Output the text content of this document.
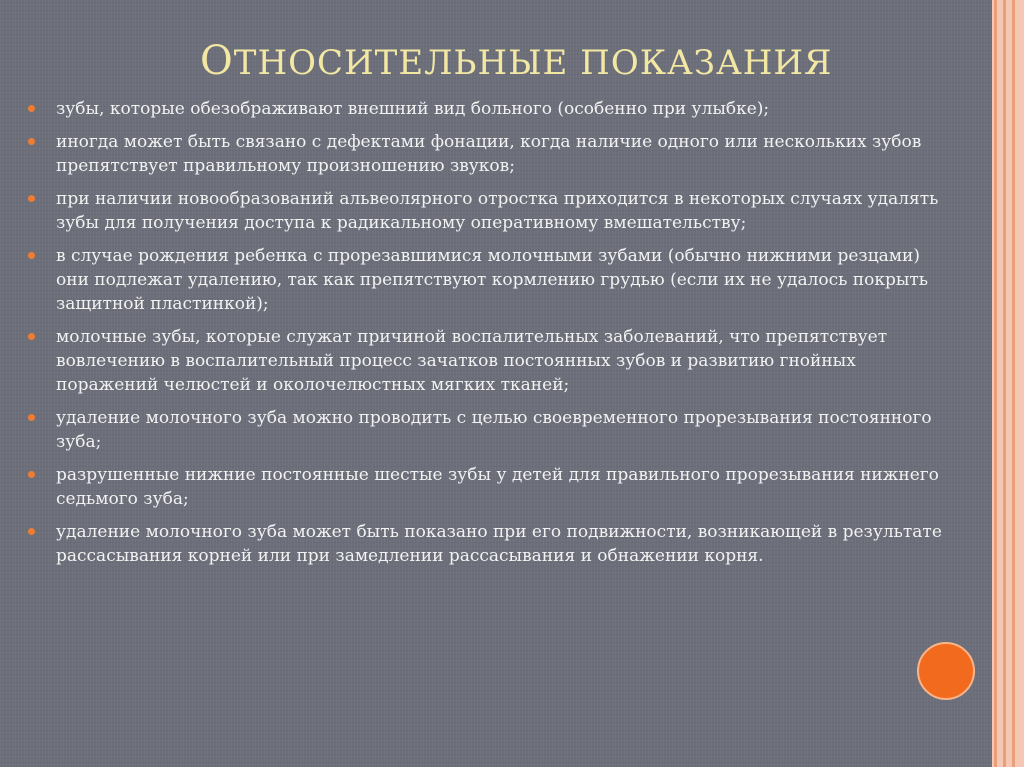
ОТНОСИТЕЛЬНЫЕ ПОКАЗАНИЯ
зубы, которые обезображивают внешний вид больного (особенно при улыбке);
иногда может быть связано с дефектами фонации, когда наличие одного или нескольких зубов препятствует правильному произношению звуков;
при наличии новообразований альвеолярного отростка приходится в некоторых случаях удалять зубы для получения доступа к радикальному оперативному вмешательству;
в случае рождения ребенка с прорезавшимися молочными зубами (обычно нижними резцами) они подлежат удалению, так как препятствуют кормлению грудью (если их не удалось покрыть защитной пластинкой);
молочные зубы, которые служат причиной воспалительных заболеваний, что препятствует вовлечению в воспалительный процесс зачатков постоянных зубов и развитию гнойных поражений челюстей и околочелюстных мягких тканей;
удаление молочного зуба можно проводить с целью своевременного прорезывания постоянного зуба;
разрушенные нижние постоянные шестые зубы у детей для правильного прорезывания нижнего седьмого зуба;
удаление молочного зуба может быть показано при его подвижности, возникающей в результате рассасывания корней или при замедлении рассасывания и обнажении корня.
